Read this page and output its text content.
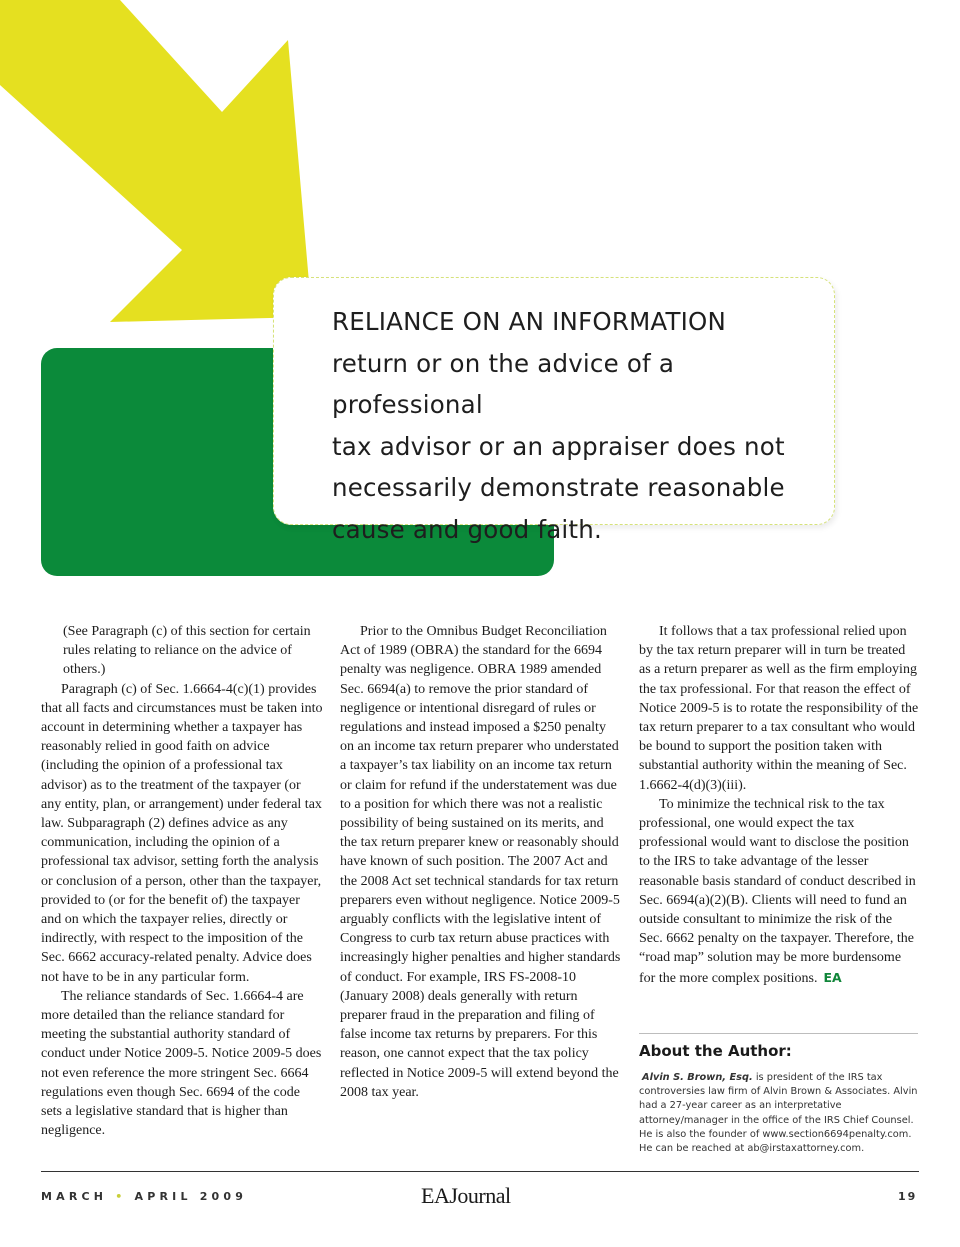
RELIANCE ON AN INFORMATION
return or on the advice of a professional
tax advisor or an appraiser does not
necessarily demonstrate reasonable
cause and good faith.

(See Paragraph (c) of this section for certain rules relating to reliance on the advice of others.)

Paragraph (c) of Sec. 1.6664-4(c)(1) provides that all facts and circumstances must be taken into account in determining whether a taxpayer has reasonably relied in good faith on advice (including the opinion of a professional tax advisor) as to the treatment of the taxpayer (or any entity, plan, or arrangement) under federal tax law. Subparagraph (2) defines advice as any communication, including the opinion of a professional tax advisor, setting forth the analysis or conclusion of a person, other than the taxpayer, provided to (or for the benefit of) the taxpayer and on which the taxpayer relies, directly or indirectly, with respect to the imposition of the Sec. 6662 accuracy-related penalty. Advice does not have to be in any particular form.

The reliance standards of Sec. 1.6664-4 are more detailed than the reliance standard for meeting the substantial authority standard of conduct under Notice 2009-5. Notice 2009-5 does not even reference the more stringent Sec. 6664 regulations even though Sec. 6694 of the code sets a legislative standard that is higher than negligence.

Prior to the Omnibus Budget Reconciliation Act of 1989 (OBRA) the standard for the 6694 penalty was negligence. OBRA 1989 amended Sec. 6694(a) to remove the prior standard of negligence or intentional disregard of rules or regulations and instead imposed a $250 penalty on an income tax return preparer who understated a taxpayer’s tax liability on an income tax return or claim for refund if the understatement was due to a position for which there was not a realistic possibility of being sustained on its merits, and the tax return preparer knew or reasonably should have known of such position. The 2007 Act and the 2008 Act set technical standards for tax return preparers even without negligence. Notice 2009-5 arguably conflicts with the legislative intent of Congress to curb tax return abuse practices with increasingly higher penalties and higher standards of conduct. For example, IRS FS-2008-10 (January 2008) deals generally with return preparer fraud in the preparation and filing of false income tax returns by preparers. For this reason, one cannot expect that the tax policy reflected in Notice 2009-5 will extend beyond the 2008 tax year.

It follows that a tax professional relied upon by the tax return preparer will in turn be treated as a return preparer as well as the firm employing the tax professional. For that reason the effect of Notice 2009-5 is to rotate the responsibility of the tax return preparer to a tax consultant who would be bound to support the position taken with substantial authority within the meaning of Sec. 1.6662-4(d)(3)(iii).

To minimize the technical risk to the tax professional, one would expect the tax professional would want to disclose the position to the IRS to take advantage of the lesser reasonable basis standard of conduct described in Sec. 6694(a)(2)(B). Clients will need to fund an outside consultant to minimize the risk of the Sec. 6662 penalty on the taxpayer. Therefore, the “road map” solution may be more burdensome for the more complex positions. EA

About the Author:

Alvin S. Brown, Esq. is president of the IRS tax controversies law firm of Alvin Brown & Associates. Alvin had a 27-year career as an interpretative attorney/manager in the office of the IRS Chief Counsel. He is also the founder of www.section6694penalty.com. He can be reached at ab@irstaxattorney.com.

MARCH • APRIL 2009	EAJournal	19
